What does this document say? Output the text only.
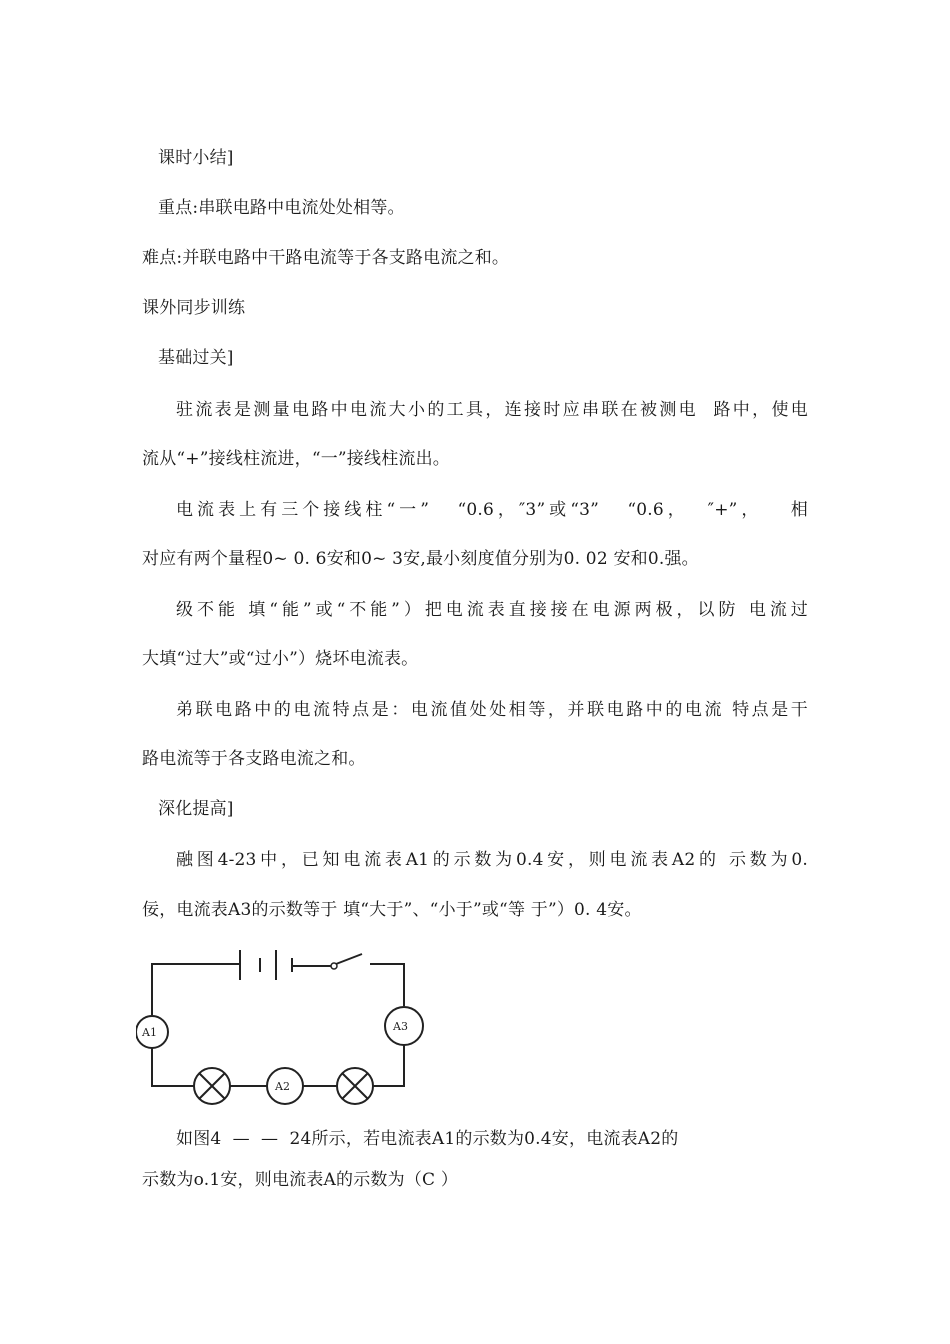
课时小结]
重点:串联电路中电流处处相等。
难点:并联电路中干路电流等于各支路电流之和。
课外同步训练
基础过关]
驻流表是测量电路中电流大小的工具，连接时应串联在被测电  路中，使电
流从“+”接线柱流进，“一”接线柱流出。
电流表上有三个接线柱“一”   “0.6，″3”或“3”   “0.6，  ″+”，   相
对应有两个量程0~ 0. 6安和0~ 3安,最小刻度值分别为0. 02 安和0.强。
级不能 填“能”或“不能”）把电流表直接接在电源两极，以防 电流过
大填“过大”或“过小”）烧坏电流表。
弟联电路中的电流特点是：电流值处处相等，并联电路中的电流 特点是干
路电流等于各支路电流之和。
深化提高]
融图4-23中，已知电流表A1的示数为0.4安，则电流表A2的 示数为0.
佞，电流表A3的示数等于 填“大于”、“小于”或“等 于”）0. 4安。
A1	A3
A2
如图4  —  —  24所示，若电流表A1的示数为0.4安，电流表A2的
示数为o.1安，则电流表A的示数为（C ）
